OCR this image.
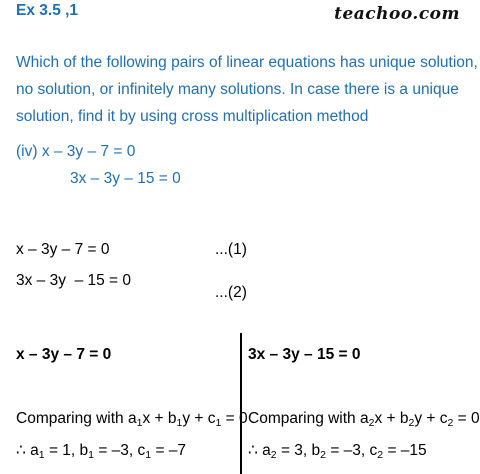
Ex 3.5 ,1	teachoo.com
Which of the following pairs of linear equations has unique solution,
no solution, or infinitely many solutions. In case there is a unique
solution, find it by using cross multiplication method
(iv) x – 3y – 7 = 0
3x – 3y – 15 = 0
x – 3y – 7 = 0	...(1)
3x – 3y  – 15 = 0
...(2)
x – 3y – 7 = 0
Comparing with $a_1x + b_1y + c_1 = 0$
∴ $a_1 = 1$, $b_1 = -3$, $c_1 = -7$
3x – 3y – 15 = 0
Comparing with $a_2x + b_2y + c_2 = 0$
∴ $a_2 = 3$, $b_2 = -3$, $c_2 = -15$
